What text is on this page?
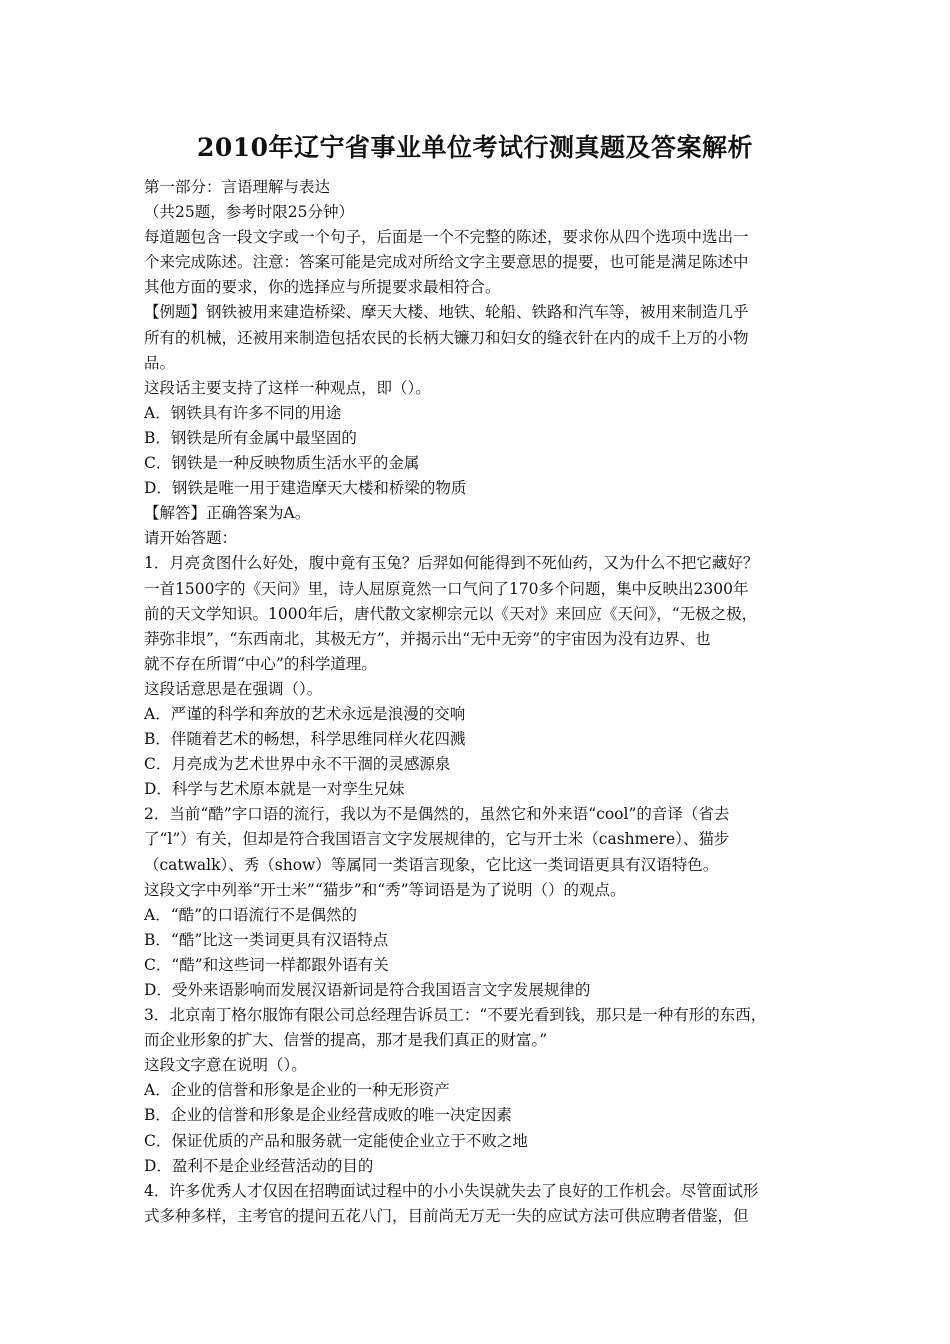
2010年辽宁省事业单位考试行测真题及答案解析
第一部分：言语理解与表达
（共25题，参考时限25分钟）
每道题包含一段文字或一个句子，后面是一个不完整的陈述，要求你从四个选项中选出一
个来完成陈述。注意：答案可能是完成对所给文字主要意思的提要，也可能是满足陈述中
其他方面的要求，你的选择应与所提要求最相符合。
【例题】钢铁被用来建造桥梁、摩天大楼、地铁、轮船、铁路和汽车等，被用来制造几乎
所有的机械，还被用来制造包括农民的长柄大镰刀和妇女的缝衣针在内的成千上万的小物
品。
这段话主要支持了这样一种观点，即（）。
A．钢铁具有许多不同的用途
B．钢铁是所有金属中最坚固的
C．钢铁是一种反映物质生活水平的金属
D．钢铁是唯一用于建造摩天大楼和桥梁的物质
【解答】正确答案为A。
请开始答题：
1．月亮贪图什么好处，腹中竟有玉兔？后羿如何能得到不死仙药，又为什么不把它藏好？
一首1500字的《天问》里，诗人屈原竟然一口气问了170多个问题，集中反映出2300年
前的天文学知识。1000年后，唐代散文家柳宗元以《天对》来回应《天问》，“无极之极，
莽弥非垠”，“东西南北，其极无方”，并揭示出“无中无旁”的宇宙因为没有边界、也
就不存在所谓“中心”的科学道理。
这段话意思是在强调（）。
A．严谨的科学和奔放的艺术永远是浪漫的交响
B．伴随着艺术的畅想，科学思维同样火花四溅
C．月亮成为艺术世界中永不干涸的灵感源泉
D．科学与艺术原本就是一对孪生兄妹
2．当前“酷”字口语的流行，我以为不是偶然的，虽然它和外来语“cool”的音译（省去
了“l”）有关，但却是符合我国语言文字发展规律的，它与开士米（cashmere）、猫步
（catwalk）、秀（show）等属同一类语言现象，它比这一类词语更具有汉语特色。
这段文字中列举“开士米”“猫步”和“秀”等词语是为了说明（）的观点。
A．“酷”的口语流行不是偶然的
B．“酷”比这一类词更具有汉语特点
C．“酷”和这些词一样都跟外语有关
D．受外来语影响而发展汉语新词是符合我国语言文字发展规律的
3．北京南丁格尔服饰有限公司总经理告诉员工：“不要光看到钱，那只是一种有形的东西，
而企业形象的扩大、信誉的提高，那才是我们真正的财富。”
这段文字意在说明（）。
A．企业的信誉和形象是企业的一种无形资产
B．企业的信誉和形象是企业经营成败的唯一决定因素
C．保证优质的产品和服务就一定能使企业立于不败之地
D．盈利不是企业经营活动的目的
4．许多优秀人才仅因在招聘面试过程中的小小失误就失去了良好的工作机会。尽管面试形
式多种多样，主考官的提问五花八门，目前尚无万无一失的应试方法可供应聘者借鉴，但
